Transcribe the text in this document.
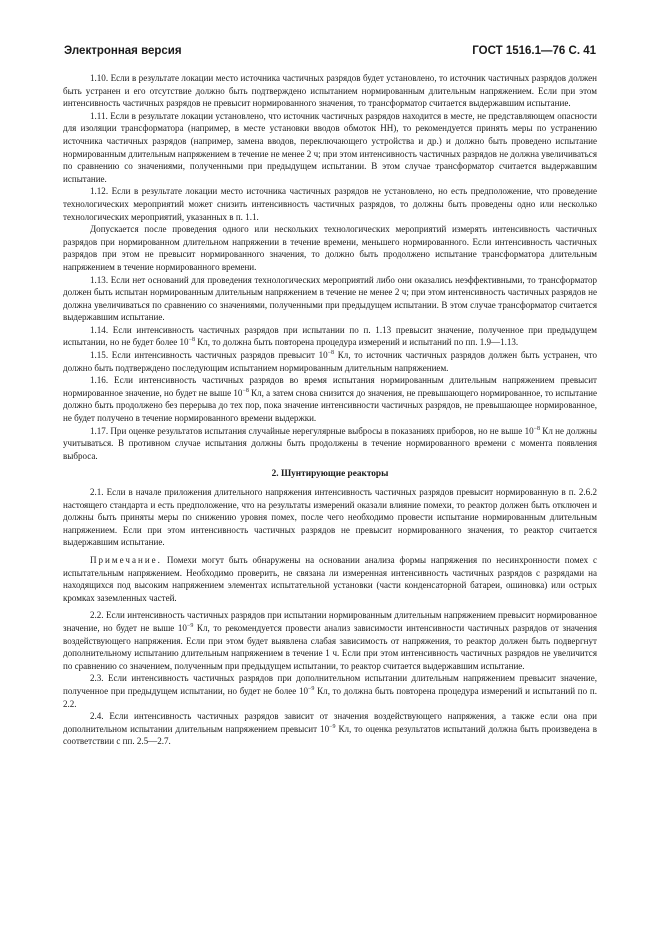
Электронная версия	ГОСТ 1516.1—76 С. 41

1.10. Если в результате локации место источника частичных разрядов будет установлено, то источник частичных разрядов должен быть устранен и его отсутствие должно быть подтверждено испытанием нормированным длительным напряжением. Если при этом интенсивность частичных разрядов не превысит нормированного значения, то трансформатор считается выдержавшим испытание.

1.11. Если в результате локации установлено, что источник частичных разрядов находится в месте, не представляющем опасности для изоляции трансформатора (например, в месте установки вводов обмоток НН), то рекомендуется принять меры по устранению источника частичных разрядов (например, замена вводов, переключающего устройства и др.) и должно быть проведено испытание нормированным длительным напряжением в течение не менее 2 ч; при этом интенсивность частичных разрядов не должна увеличиваться по сравнению со значениями, полученными при предыдущем испытании. В этом случае трансформатор считается выдержавшим испытание.

1.12. Если в результате локации место источника частичных разрядов не установлено, но есть предположение, что проведение технологических мероприятий может снизить интенсивность частичных разрядов, то должны быть проведены одно или несколько технологических мероприятий, указанных в п. 1.1.

Допускается после проведения одного или нескольких технологических мероприятий измерять интенсивность частичных разрядов при нормированном длительном напряжении в течение времени, меньшего нормированного. Если интенсивность частичных разрядов при этом не превысит нормированного значения, то должно быть продолжено испытание трансформатора длительным напряжением в течение нормированного времени.

1.13. Если нет оснований для проведения технологических мероприятий либо они оказались неэффективными, то трансформатор должен быть испытан нормированным длительным напряжением в течение не менее 2 ч; при этом интенсивность частичных разрядов не должна увеличиваться по сравнению со значениями, полученными при предыдущем испытании. В этом случае трансформатор считается выдержавшим испытание.

1.14. Если интенсивность частичных разрядов при испытании по п. 1.13 превысит значение, полученное при предыдущем испытании, но не будет более $10^{-8}$ Кл, то должна быть повторена процедура измерений и испытаний по пп. 1.9—1.13.

1.15. Если интенсивность частичных разрядов превысит $10^{-8}$ Кл, то источник частичных разрядов должен быть устранен, что должно быть подтверждено последующим испытанием нормированным длительным напряжением.

1.16. Если интенсивность частичных разрядов во время испытания нормированным длительным напряжением превысит нормированное значение, но будет не выше $10^{-8}$ Кл, а затем снова снизится до значения, не превышающего нормированное, то испытание должно быть продолжено без перерыва до тех пор, пока значение интенсивности частичных разрядов, не превышающее нормированное, не будет получено в течение нормированного времени выдержки.

1.17. При оценке результатов испытания случайные нерегулярные выбросы в показаниях приборов, но не выше $10^{-8}$ Кл не должны учитываться. В противном случае испытания должны быть продолжены в течение нормированного времени с момента появления выброса.

2. Шунтирующие реакторы

2.1. Если в начале приложения длительного напряжения интенсивность частичных разрядов превысит нормированную в п. 2.6.2 настоящего стандарта и есть предположение, что на результаты измерений оказали влияние помехи, то реактор должен быть отключен и должны быть приняты меры по снижению уровня помех, после чего необходимо провести испытание нормированным длительным напряжением. Если при этом интенсивность частичных разрядов не превысит нормированного значения, то реактор считается выдержавшим испытание.

Примечание. Помехи могут быть обнаружены на основании анализа формы напряжения по несинхронности помех с испытательным напряжением. Необходимо проверить, не связана ли измеренная интенсивность частичных разрядов с разрядами на находящихся под высоким напряжением элементах испытательной установки (части конденсаторной батареи, ошиновка) или острых кромках заземленных частей.

2.2. Если интенсивность частичных разрядов при испытании нормированным длительным напряжением превысит нормированное значение, но будет не выше $10^{-9}$ Кл, то рекомендуется провести анализ зависимости интенсивности частичных разрядов от значения воздействующего напряжения. Если при этом будет выявлена слабая зависимость от напряжения, то реактор должен быть подвергнут дополнительному испытанию длительным напряжением в течение 1 ч. Если при этом интенсивность частичных разрядов не увеличится по сравнению со значением, полученным при предыдущем испытании, то реактор считается выдержавшим испытание.

2.3. Если интенсивность частичных разрядов при дополнительном испытании длительным напряжением превысит значение, полученное при предыдущем испытании, но будет не более $10^{-9}$ Кл, то должна быть повторена процедура измерений и испытаний по п. 2.2.

2.4. Если интенсивность частичных разрядов зависит от значения воздействующего напряжения, а также если она при дополнительном испытании длительным напряжением превысит $10^{-9}$ Кл, то оценка результатов испытаний должна быть произведена в соответствии с пп. 2.5—2.7.
